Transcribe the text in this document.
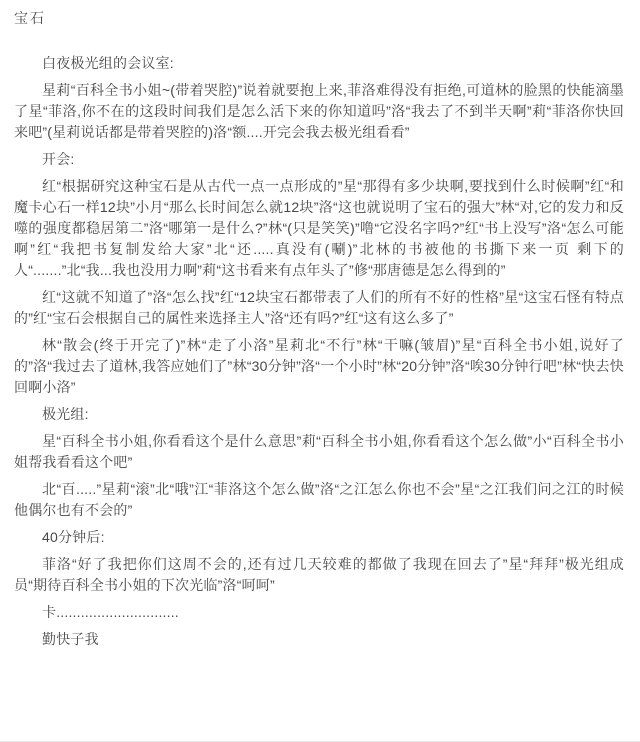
宝石

白夜极光组的会议室:

星莉“百科全书小姐~(带着哭腔)”说着就要抱上来,菲洛难得没有拒绝,可道林的脸黑的快能滴墨了星“菲洛,你不在的这段时间我们是怎么活下来的你知道吗”洛“我去了不到半天啊”莉“菲洛你快回来吧”(星莉说话都是带着哭腔的)洛“额....开完会我去极光组看看”

开会:

红“根据研究这种宝石是从古代一点一点形成的”星“那得有多少块啊,要找到什么时候啊”红“和魔卡心石一样12块”小月“那么长时间怎么就12块”洛“这也就说明了宝石的强大”林“对,它的发力和反噬的强度都稳居第二”洛“哪第一是什么?”林“(只是笑笑)”噜“它没名字吗?”红“书上没写”洛“怎么可能啊”红“我把书复制发给大家”北“还.....真没有(唰)”北林的书被他的书撕下来一页 剩下的人“.......”北“我...我也没用力啊”莉“这书看来有点年头了”修“那唐德是怎么得到的”

红“这就不知道了”洛“怎么找”红“12块宝石都带表了人们的所有不好的性格”星“这宝石怪有特点的”红“宝石会根据自己的属性来选择主人”洛“还有吗?”红“这有这么多了”

林“散会(终于开完了)”林“走了小洛”星莉北“不行”林“干嘛(皱眉)”星“百科全书小姐,说好了的”洛“我过去了道林,我答应她们了”林“30分钟”洛“一个小时”林“20分钟”洛“唉30分钟行吧”林“快去快回啊小洛”

极光组:

星“百科全书小姐,你看看这个是什么意思”莉“百科全书小姐,你看看这个怎么做”小“百科全书小姐帮我看看这个吧”

北“百.....”星莉“滚”北“哦”江“菲洛这个怎么做”洛“之江怎么你也不会”星“之江我们问之江的时候他偶尔也有不会的”

40分钟后:

菲洛“好了我把你们这周不会的,还有过几天较难的都做了我现在回去了”星“拜拜”极光组成员“期待百科全书小姐的下次光临”洛“呵呵”

卡..............................

勤快子我
